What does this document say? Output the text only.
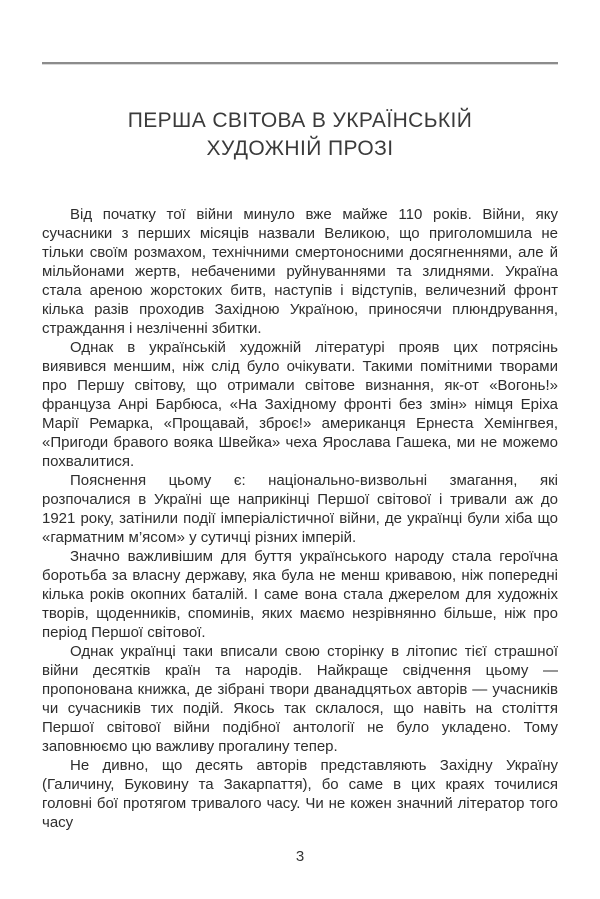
ПЕРША СВІТОВА В УКРАЇНСЬКІЙ
ХУДОЖНІЙ ПРОЗІ

Від початку тої війни минуло вже майже 110 років. Війни, яку сучасники з перших місяців назвали Великою, що приголомшила не тільки своїм розмахом, технічними смертоносними досягненнями, але й мільйонами жертв, небаченими руйнуваннями та злиднями. Україна стала ареною жорстоких битв, наступів і відступів, величезний фронт кілька разів проходив Західною Україною, приносячи плюндрування, страждання і незліченні збитки.

Однак в українській художній літературі прояв цих потрясінь виявився меншим, ніж слід було очікувати. Такими помітними творами про Першу світову, що отримали світове визнання, як-от «Вогонь!» француза Анрі Барбюса, «На Західному фронті без змін» німця Еріха Марії Ремарка, «Прощавай, зброє!» американця Ернеста Хемінгвея, «Пригоди бравого вояка Швейка» чеха Ярослава Гашека, ми не можемо похвалитися.

Пояснення цьому є: національно-визвольні змагання, які розпочалися в Україні ще наприкінці Першої світової і тривали аж до 1921 року, затінили події імперіалістичної війни, де українці були хіба що «гарматним м’ясом» у сутичці різних імперій.

Значно важливішим для буття українського народу стала героїчна боротьба за власну державу, яка була не менш кривавою, ніж попередні кілька років окопних баталій. І саме вона стала джерелом для художніх творів, щоденників, споминів, яких маємо незрівнянно більше, ніж про період Першої світової.

Однак українці таки вписали свою сторінку в літопис тієї страшної війни десятків країн та народів. Найкраще свідчення цьому — пропонована книжка, де зібрані твори дванадцятьох авторів — учасників чи сучасників тих подій. Якось так склалося, що навіть на століття Першої світової війни подібної антології не було укладено. Тому заповнюємо цю важливу прогалину тепер.

Не дивно, що десять авторів представляють Західну Україну (Галичину, Буковину та Закарпаття), бо саме в цих краях точилися головні бої протягом тривалого часу. Чи не кожен значний літератор того часу

3
